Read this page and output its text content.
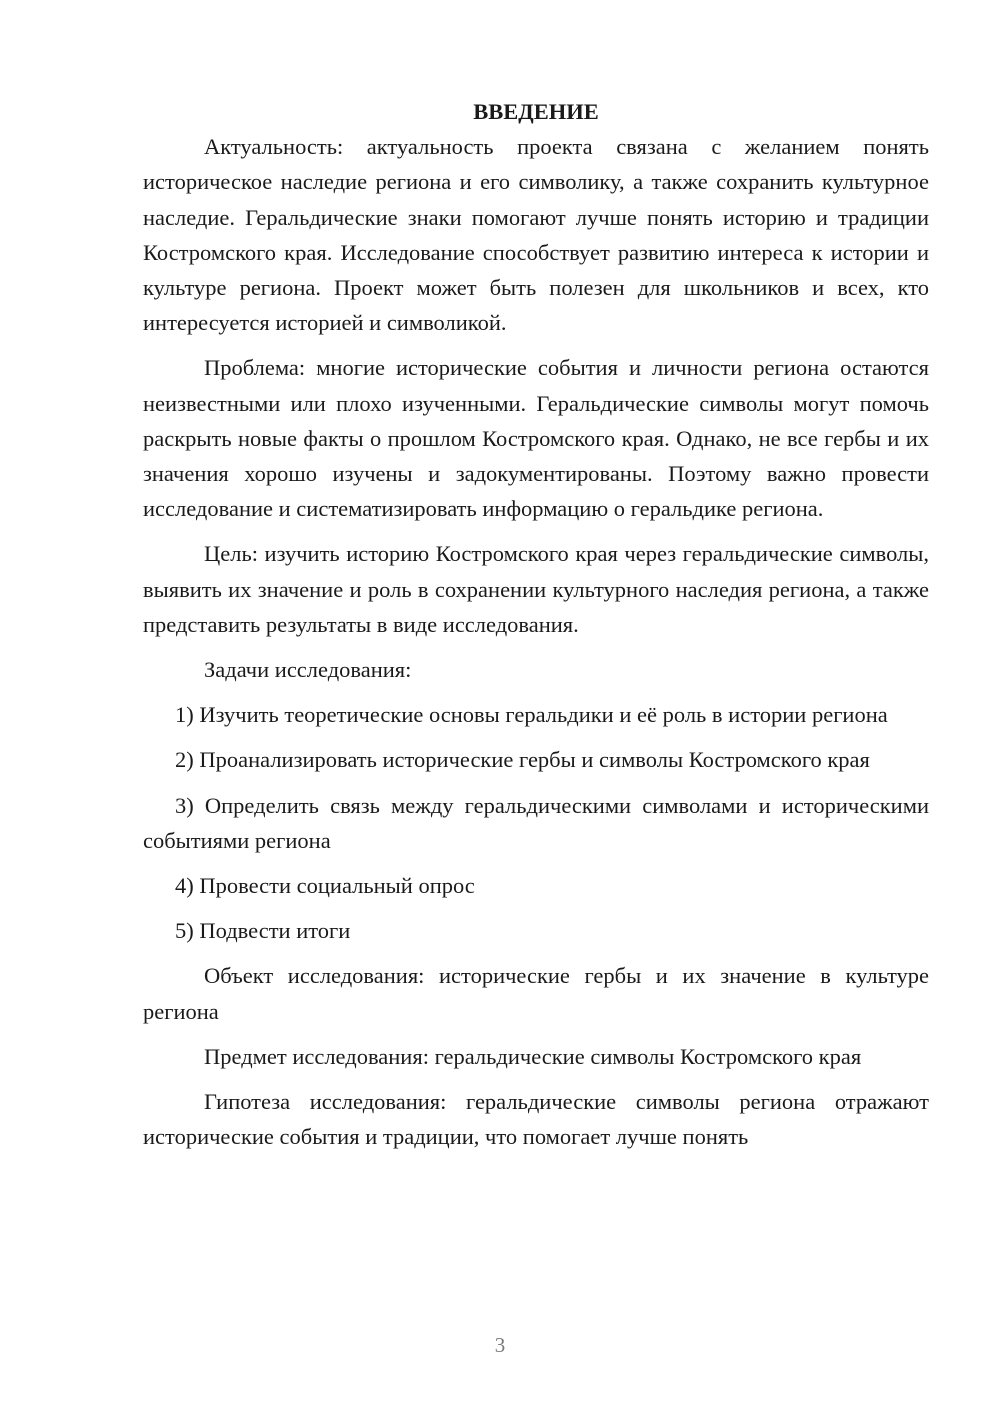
ВВЕДЕНИЕ

Актуальность: актуальность проекта связана с желанием понять историческое наследие региона и его символику, а также сохранить культурное наследие. Геральдические знаки помогают лучше понять историю и традиции Костромского края. Исследование способствует развитию интереса к истории и культуре региона. Проект может быть полезен для школьников и всех, кто интересуется историей и символикой.

Проблема: многие исторические события и личности региона остаются неизвестными или плохо изученными. Геральдические символы могут помочь раскрыть новые факты о прошлом Костромского края. Однако, не все гербы и их значения хорошо изучены и задокументированы. Поэтому важно провести исследование и систематизировать информацию о геральдике региона.

Цель: изучить историю Костромского края через геральдические символы, выявить их значение и роль в сохранении культурного наследия региона, а также представить результаты в виде исследования.

Задачи исследования:

1) Изучить теоретические основы геральдики и её роль в истории региона

2) Проанализировать исторические гербы и символы Костромского края

3) Определить связь между геральдическими символами и историческими событиями региона

4) Провести социальный опрос

5) Подвести итоги

Объект исследования: исторические гербы и их значение в культуре региона

Предмет исследования: геральдические символы Костромского края

Гипотеза исследования: геральдические символы региона отражают исторические события и традиции, что помогает лучше понять

3
